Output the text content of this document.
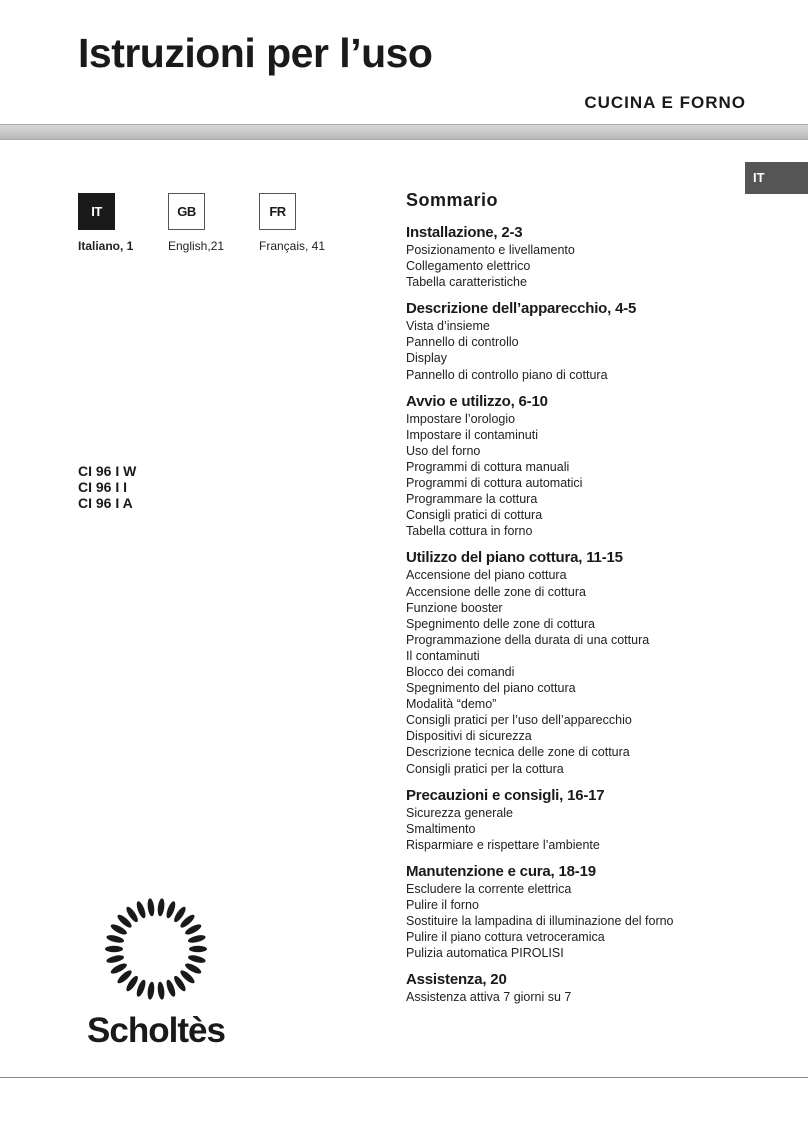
Istruzioni per l’uso
CUCINA E FORNO
IT
IT	GB	FR
Italiano, 1	English,21	Français, 41
CI 96 I W
CI 96 I I
CI 96 I A
Sommario
Installazione, 2-3
Posizionamento e livellamento
Collegamento elettrico
Tabella caratteristiche
Descrizione dell’apparecchio, 4-5
Vista d’insieme
Pannello di controllo
Display
Pannello di controllo piano di cottura
Avvio e utilizzo, 6-10
Impostare l’orologio
Impostare il contaminuti
Uso del forno
Programmi di cottura manuali
Programmi di cottura automatici
Programmare la cottura
Consigli pratici di cottura
Tabella cottura in forno
Utilizzo del piano cottura, 11-15
Accensione del piano cottura
Accensione delle zone di cottura
Funzione booster
Spegnimento delle zone di cottura
Programmazione della durata di una cottura
Il contaminuti
Blocco dei comandi
Spegnimento del piano cottura
Modalità “demo”
Consigli pratici per l’uso dell’apparecchio
Dispositivi di sicurezza
Descrizione tecnica delle zone di cottura
Consigli pratici per la cottura
Precauzioni e consigli, 16-17
Sicurezza generale
Smaltimento
Risparmiare e rispettare l’ambiente
Manutenzione e cura, 18-19
Escludere la corrente elettrica
Pulire il forno
Sostituire la lampadina di illuminazione del forno
Pulire il piano cottura vetroceramica
Pulizia automatica PIROLISI
Assistenza, 20
Assistenza attiva 7 giorni su 7
Scholtès
